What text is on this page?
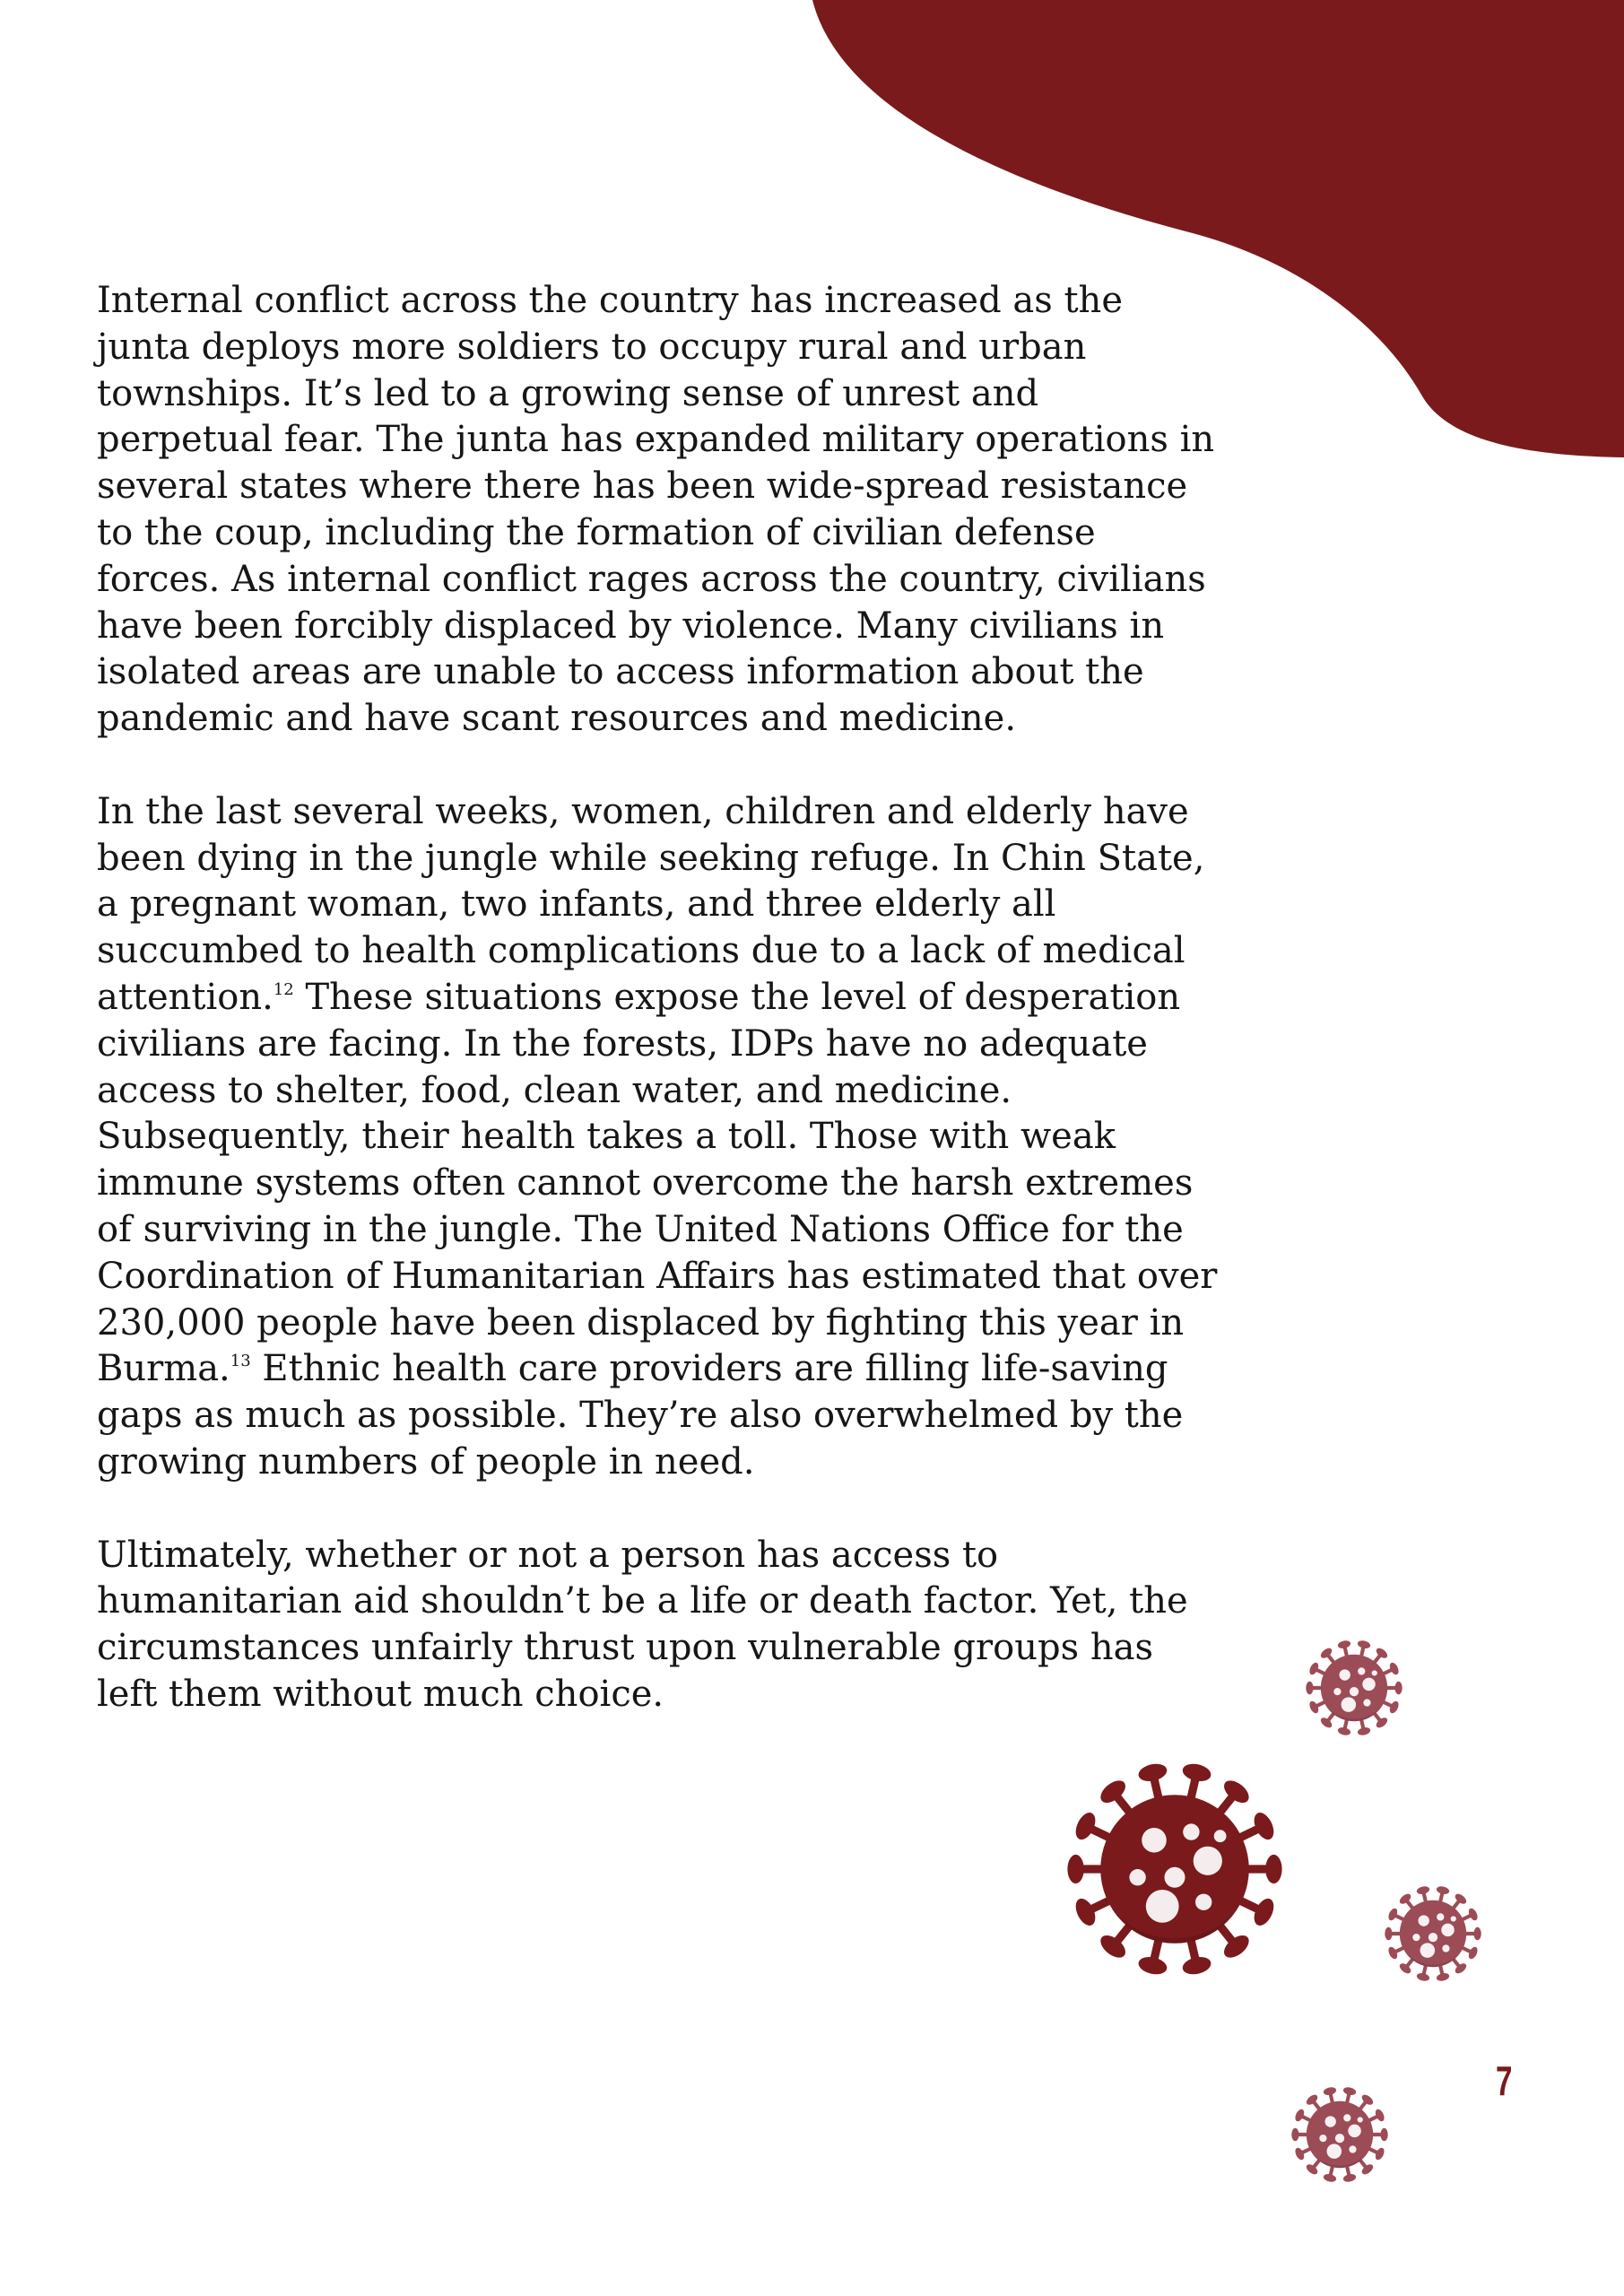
Internal conflict across the country has increased as the junta deploys more soldiers to occupy rural and urban townships. It’s led to a growing sense of unrest and perpetual fear. The junta has expanded military operations in several states where there has been wide-spread resistance to the coup, including the formation of civilian defense forces. As internal conflict rages across the country, civilians have been forcibly displaced by violence. Many civilians in isolated areas are unable to access information about the pandemic and have scant resources and medicine.

In the last several weeks, women, children and elderly have been dying in the jungle while seeking refuge. In Chin State, a pregnant woman, two infants, and three elderly all succumbed to health complications due to a lack of medical attention.$^{12}$ These situations expose the level of desperation civilians are facing. In the forests, IDPs have no adequate access to shelter, food, clean water, and medicine. Subsequently, their health takes a toll. Those with weak immune systems often cannot overcome the harsh extremes of surviving in the jungle. The United Nations Office for the Coordination of Humanitarian Affairs has estimated that over 230,000 people have been displaced by fighting this year in Burma.$^{13}$ Ethnic health care providers are filling life-saving gaps as much as possible. They’re also overwhelmed by the growing numbers of people in need.

Ultimately, whether or not a person has access to humanitarian aid shouldn’t be a life or death factor. Yet, the circumstances unfairly thrust upon vulnerable groups has left them without much choice.

7
